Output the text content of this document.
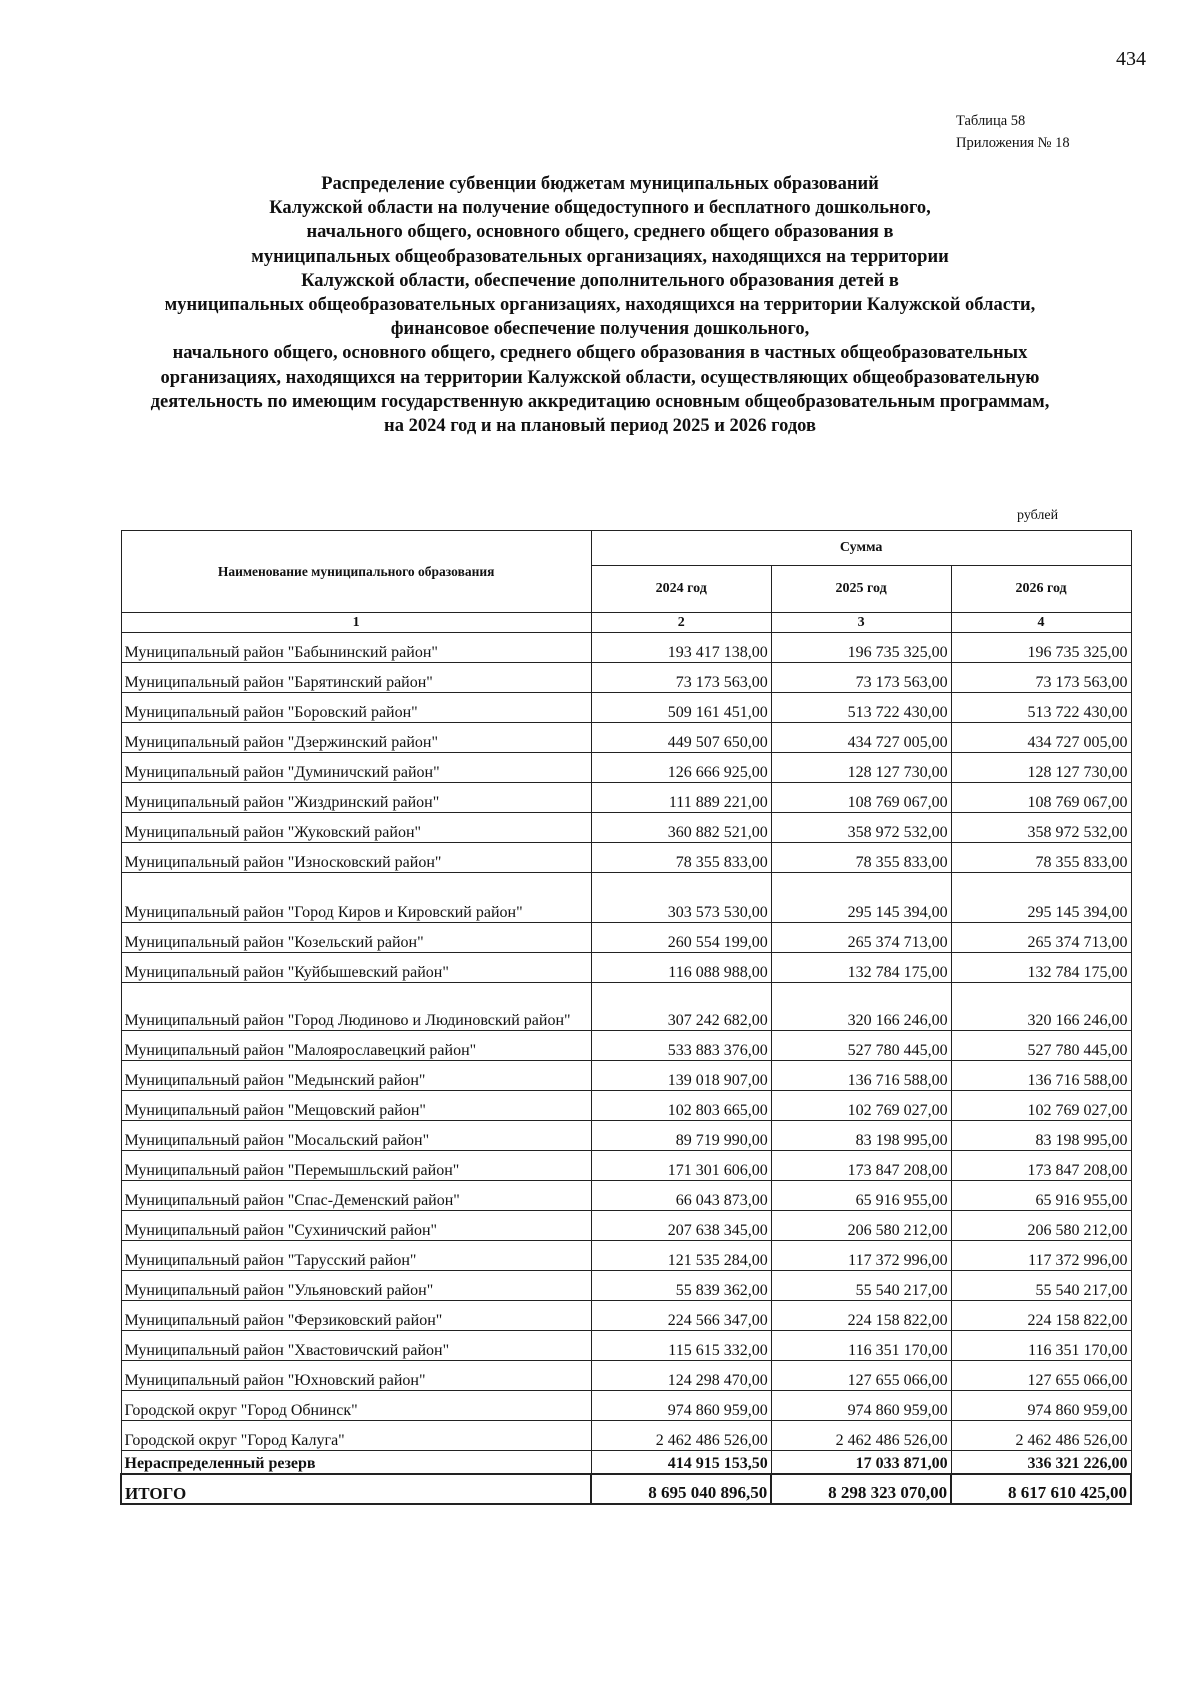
434
Таблица 58
Приложения № 18
Распределение субвенции бюджетам муниципальных образований
Калужской области на получение общедоступного и бесплатного дошкольного,
начального общего, основного общего, среднего общего образования в
муниципальных общеобразовательных организациях, находящихся на территории
Калужской области, обеспечение дополнительного образования детей в
муниципальных общеобразовательных организациях, находящихся на территории Калужской области,
финансовое обеспечение получения дошкольного,
начального общего, основного общего, среднего общего образования в частных общеобразовательных
организациях, находящихся на территории Калужской области, осуществляющих общеобразовательную
деятельность по имеющим государственную аккредитацию основным общеобразовательным программам,
на 2024 год и на плановый период 2025 и 2026 годов
рублей
Наименование муниципального образования	Сумма		
	2024 год	2025 год	2026 год
1	2	3	4
Муниципальный район "Бабынинский район"	193 417 138,00	196 735 325,00	196 735 325,00
Муниципальный район "Барятинский район"	73 173 563,00	73 173 563,00	73 173 563,00
Муниципальный район "Боровский район"	509 161 451,00	513 722 430,00	513 722 430,00
Муниципальный район "Дзержинский район"	449 507 650,00	434 727 005,00	434 727 005,00
Муниципальный район "Думиничский район"	126 666 925,00	128 127 730,00	128 127 730,00
Муниципальный район "Жиздринский район"	111 889 221,00	108 769 067,00	108 769 067,00
Муниципальный район "Жуковский район"	360 882 521,00	358 972 532,00	358 972 532,00
Муниципальный район "Износковский район"	78 355 833,00	78 355 833,00	78 355 833,00
Муниципальный район "Город Киров и Кировский район"	303 573 530,00	295 145 394,00	295 145 394,00
Муниципальный район "Козельский район"	260 554 199,00	265 374 713,00	265 374 713,00
Муниципальный район "Куйбышевский район"	116 088 988,00	132 784 175,00	132 784 175,00
Муниципальный район "Город Людиново и Людиновский район"	307 242 682,00	320 166 246,00	320 166 246,00
Муниципальный район "Малоярославецкий район"	533 883 376,00	527 780 445,00	527 780 445,00
Муниципальный район "Медынский район"	139 018 907,00	136 716 588,00	136 716 588,00
Муниципальный район "Мещовский район"	102 803 665,00	102 769 027,00	102 769 027,00
Муниципальный район "Мосальский район"	89 719 990,00	83 198 995,00	83 198 995,00
Муниципальный район "Перемышльский район"	171 301 606,00	173 847 208,00	173 847 208,00
Муниципальный район "Спас-Деменский район"	66 043 873,00	65 916 955,00	65 916 955,00
Муниципальный район "Сухиничский район"	207 638 345,00	206 580 212,00	206 580 212,00
Муниципальный район "Тарусский район"	121 535 284,00	117 372 996,00	117 372 996,00
Муниципальный район "Ульяновский район"	55 839 362,00	55 540 217,00	55 540 217,00
Муниципальный район "Ферзиковский район"	224 566 347,00	224 158 822,00	224 158 822,00
Муниципальный район "Хвастовичский район"	115 615 332,00	116 351 170,00	116 351 170,00
Муниципальный район "Юхновский район"	124 298 470,00	127 655 066,00	127 655 066,00
Городской округ "Город Обнинск"	974 860 959,00	974 860 959,00	974 860 959,00
Городской округ "Город Калуга"	2 462 486 526,00	2 462 486 526,00	2 462 486 526,00
Нераспределенный резерв	414 915 153,50	17 033 871,00	336 321 226,00
ИТОГО	8 695 040 896,50	8 298 323 070,00	8 617 610 425,00
